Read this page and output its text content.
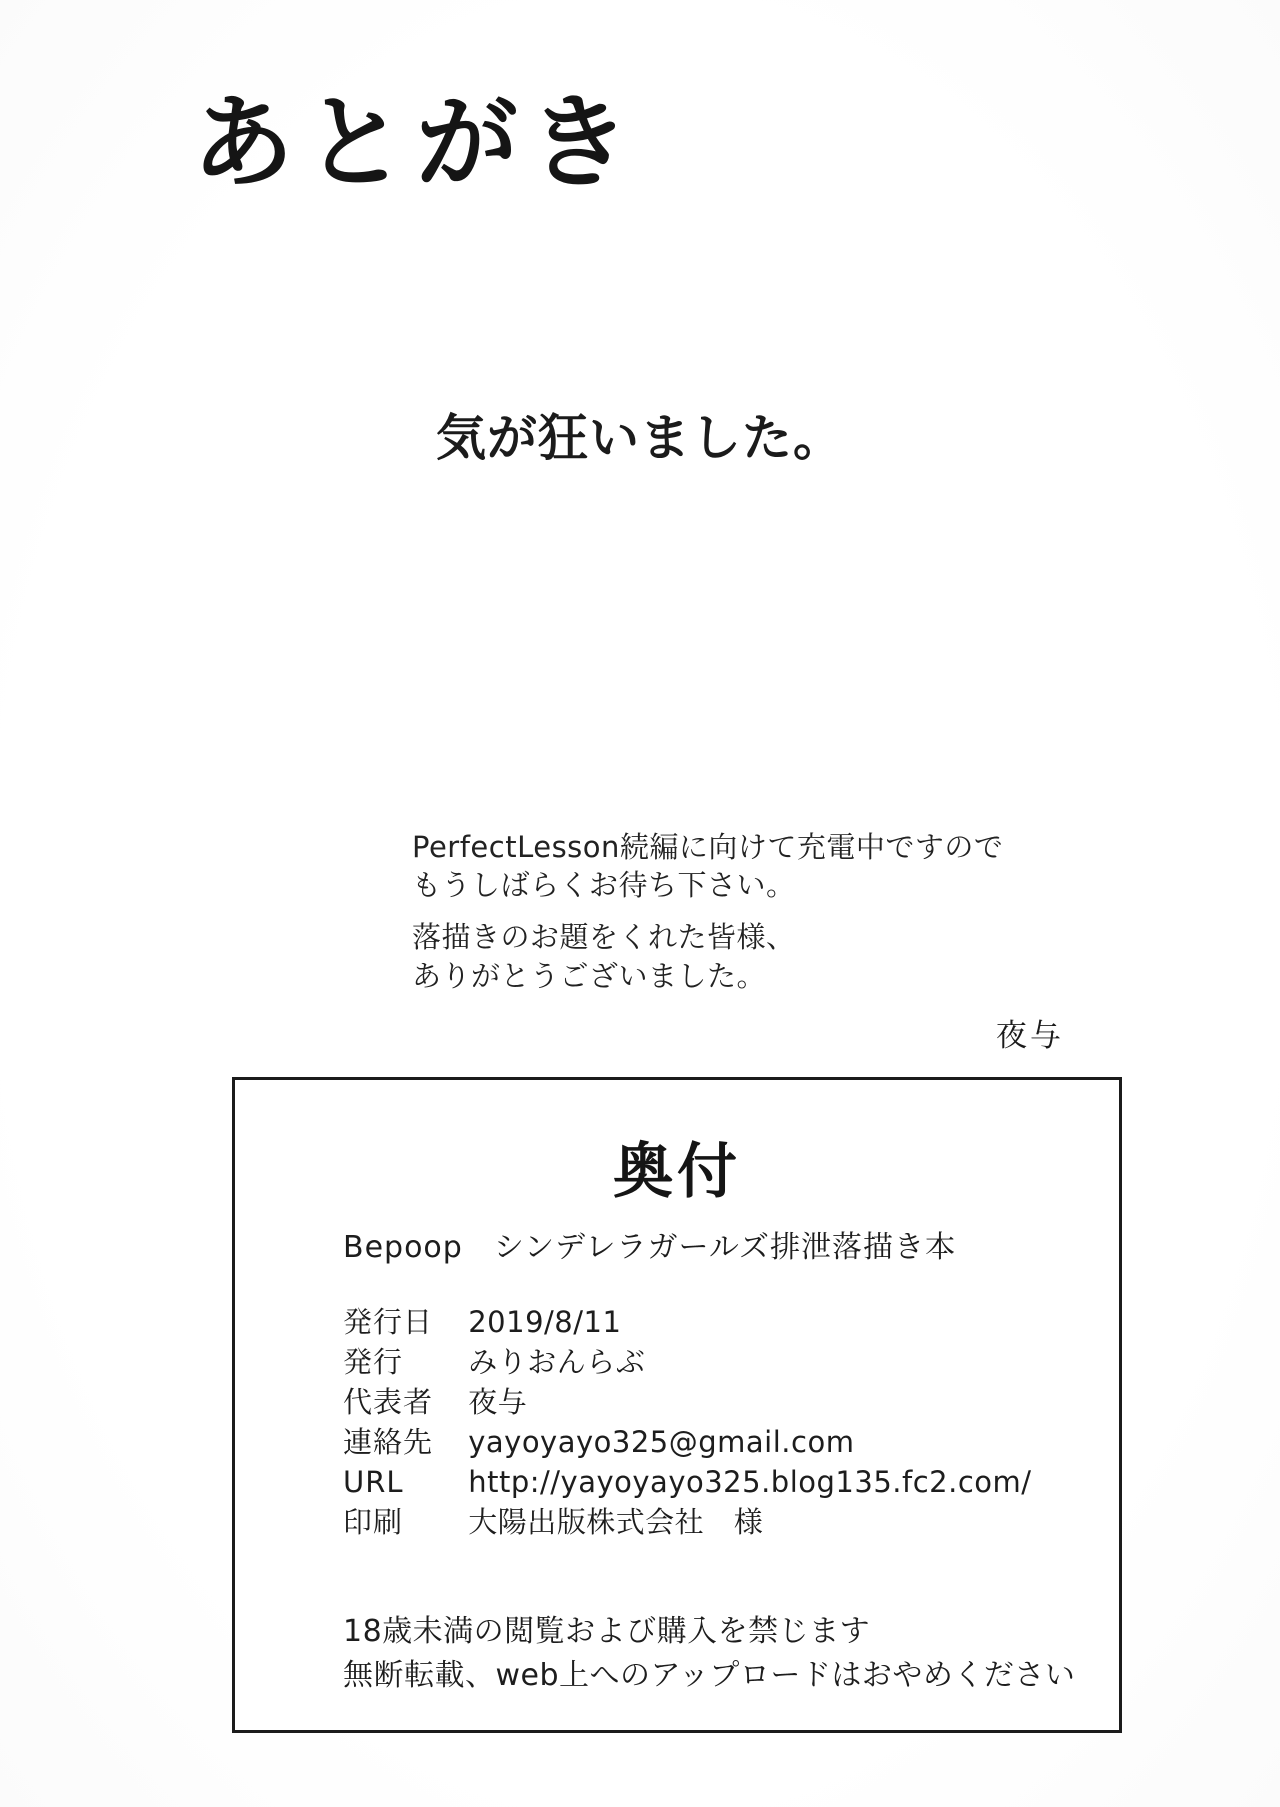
あとがき
気が狂いました。
PerfectLesson続編に向けて充電中ですので
もうしばらくお待ち下さい。
落描きのお題をくれた皆様、
ありがとうございました。
夜与
奥付
Bepoop　シンデレラガールズ排泄落描き本
発行日 2019/8/11
発行 みりおんらぶ
代表者 夜与
連絡先 yayoyayo325@gmail.com
URL http://yayoyayo325.blog135.fc2.com/
印刷 大陽出版株式会社　様
18歳未満の閲覧および購入を禁じます
無断転載、web上へのアップロードはおやめください
